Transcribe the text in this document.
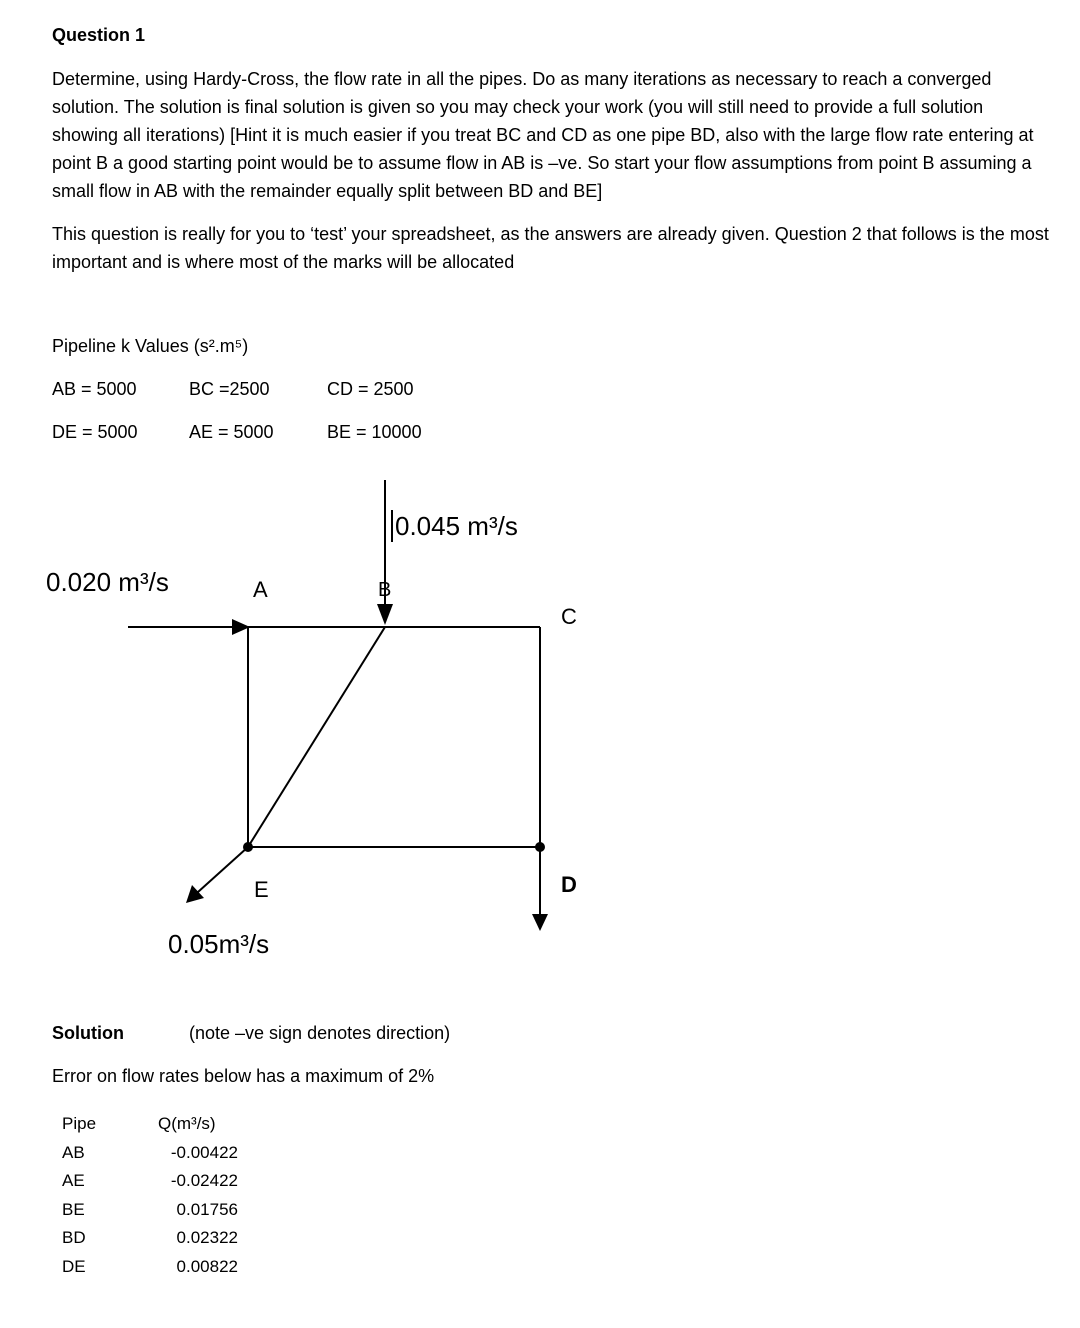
Question 1
Determine, using Hardy-Cross, the flow rate in all the pipes. Do as many iterations as necessary to reach a converged solution. The solution is final solution is given so you may check your work (you will still need to provide a full solution showing all iterations) [Hint it is much easier if you treat BC and CD as one pipe BD, also with the large flow rate entering at point B a good starting point would be to assume flow in AB is –ve. So start your flow assumptions from point B assuming a small flow in AB with the remainder equally split between BD and BE]
This question is really for you to ‘test’ your spreadsheet, as the answers are already given. Question 2 that follows is the most important and is where most of the marks will be allocated
Pipeline k Values (s².m⁵)
AB = 5000	BC =2500	CD = 2500
DE = 5000	AE = 5000	BE = 10000
0.045 m³/s
0.020 m³/s
0.05m³/s
A	B
C
D
E
Solution	(note –ve sign denotes direction)
Error on flow rates below has a maximum of 2%
Pipe	Q(m³/s)
AB	-0.00422
AE	-0.02422
BE	0.01756
BD	0.02322
DE	0.00822
